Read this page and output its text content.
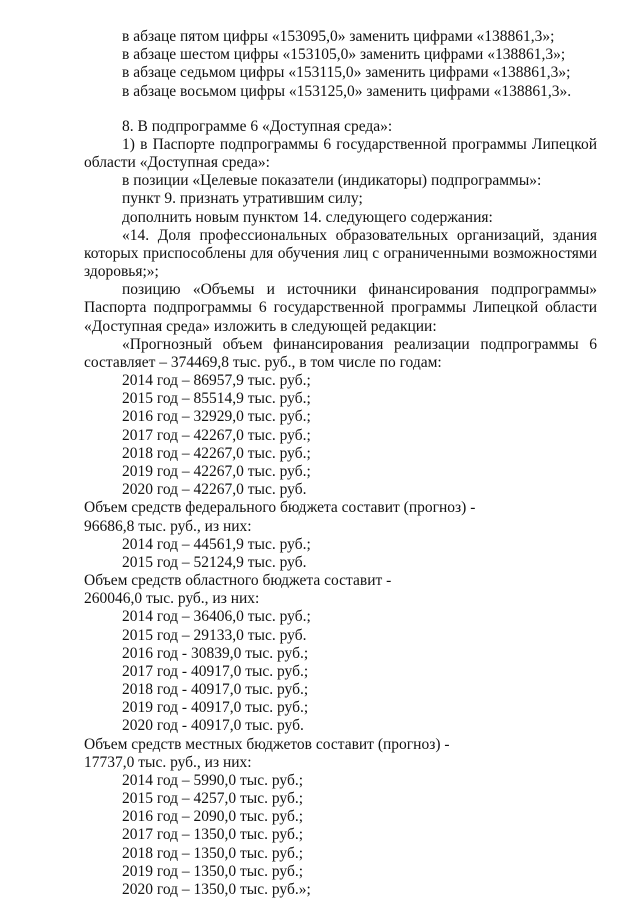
в абзаце пятом цифры «153095,0» заменить цифрами «138861,3»;
в абзаце шестом цифры «153105,0» заменить цифрами «138861,3»;
в абзаце седьмом цифры «153115,0» заменить цифрами «138861,3»;
в абзаце восьмом цифры «153125,0» заменить цифрами «138861,3».
8. В подпрограмме 6 «Доступная среда»:
1) в Паспорте подпрограммы 6 государственной программы Липецкой
области «Доступная среда»:
в позиции «Целевые показатели (индикаторы) подпрограммы»:
пункт 9. признать утратившим силу;
дополнить новым пунктом 14. следующего содержания:
«14. Доля профессиональных образовательных организаций, здания
которых приспособлены для обучения лиц с ограниченными возможностями
здоровья;»;
позицию «Объемы и источники финансирования подпрограммы»
Паспорта подпрограммы 6 государственной программы Липецкой области
«Доступная среда» изложить в следующей редакции:
«Прогнозный объем финансирования реализации подпрограммы 6
составляет – 374469,8 тыс. руб., в том числе по годам:
2014 год – 86957,9 тыс. руб.;
2015 год – 85514,9 тыс. руб.;
2016 год – 32929,0 тыс. руб.;
2017 год – 42267,0 тыс. руб.;
2018 год – 42267,0 тыс. руб.;
2019 год – 42267,0 тыс. руб.;
2020 год – 42267,0 тыс. руб.
Объем средств федерального бюджета составит (прогноз) -
96686,8 тыс. руб., из них:
2014 год – 44561,9 тыс. руб.;
2015 год – 52124,9 тыс. руб.
Объем средств областного бюджета составит -
260046,0 тыс. руб., из них:
2014 год – 36406,0 тыс. руб.;
2015 год – 29133,0 тыс. руб.
2016 год - 30839,0 тыс. руб.;
2017 год - 40917,0 тыс. руб.;
2018 год - 40917,0 тыс. руб.;
2019 год - 40917,0 тыс. руб.;
2020 год - 40917,0 тыс. руб.
Объем средств местных бюджетов составит (прогноз) -
17737,0 тыс. руб., из них:
2014 год – 5990,0 тыс. руб.;
2015 год – 4257,0 тыс. руб.;
2016 год – 2090,0 тыс. руб.;
2017 год – 1350,0 тыс. руб.;
2018 год – 1350,0 тыс. руб.;
2019 год – 1350,0 тыс. руб.;
2020 год – 1350,0 тыс. руб.»;
